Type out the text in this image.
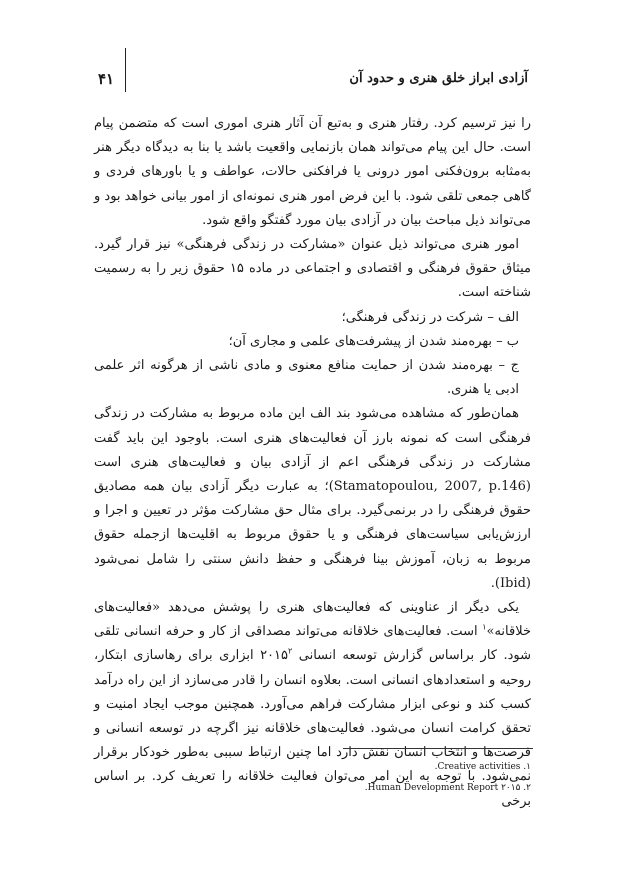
۴۱	آزادی ابراز خلق هنری و حدود آن

را نیز ترسیم کرد. رفتار هنری و به‌تبع آن آثار هنری اموری است که متضمن پیام است. حال این پیام می‌تواند همان بازنمایی واقعیت باشد یا بنا به دیدگاه دیگر هنر به‌مثابه برون‌فکنی امور درونی یا فرافکنی حالات، عواطف و یا باورهای فردی و گاهی جمعی تلقی شود. با این فرض امور هنری نمونه‌ای از امور بیانی خواهد بود و می‌تواند ذیل مباحث بیان در آزادی بیان مورد گفتگو واقع شود.

امور هنری می‌تواند ذیل عنوان «مشارکت در زندگی فرهنگی» نیز قرار گیرد. میثاق حقوق فرهنگی و اقتصادی و اجتماعی در ماده ۱۵ حقوق زیر را به رسمیت شناخته است.

الف – شرکت در زندگی فرهنگی؛

ب – بهره‌مند شدن از پیشرفت‌های علمی و مجاری آن؛

ج – بهره‌مند شدن از حمایت منافع معنوی و مادی ناشی از هرگونه اثر علمی ادبی یا هنری.

همان‌طور که مشاهده می‌شود بند الف این ماده مربوط به مشارکت در زندگی فرهنگی است که نمونه بارز آن فعالیت‌های هنری است. باوجود این باید گفت مشارکت در زندگی فرهنگی اعم از آزادی بیان و فعالیت‌های هنری است (Stamatopoulou, 2007, p.146)؛ به عبارت دیگر آزادی بیان همه مصادیق حقوق فرهنگی را در برنمی‌گیرد. برای مثال حق مشارکت مؤثر در تعیین و اجرا و ارزش‌یابی سیاست‌های فرهنگی و یا حقوق مربوط به اقلیت‌ها ازجمله حقوق مربوط به زبان، آموزش بینا فرهنگی و حفظ دانش سنتی را شامل نمی‌شود (Ibid).

یکی دیگر از عناوینی که فعالیت‌های هنری را پوشش می‌دهد «فعالیت‌های خلاقانه»$^۱$ است. فعالیت‌های خلاقانه می‌تواند مصداقی از کار و حرفه انسانی تلقی شود. کار براساس گزارش توسعه انسانی ۲۰۱۵$^۲$ ابزاری برای رهاسازی ابتکار، روحیه و استعدادهای انسانی است. بعلاوه انسان را قادر می‌سازد از این راه درآمد کسب کند و نوعی ابزار مشارکت فراهم می‌آورد. همچنین موجب ایجاد امنیت و تحقق کرامت انسان می‌شود. فعالیت‌های خلاقانه نیز اگرچه در توسعه انسانی و فرصت‌ها و انتخاب انسان نقش دارد اما چنین ارتباط سببی به‌طور خودکار برقرار نمی‌شود. با توجه به این امر می‌توان فعالیت خلاقانه را تعریف کرد. بر اساس برخی

۱. Creative activities.

۲. Human Development Report ۲۰۱۵.
